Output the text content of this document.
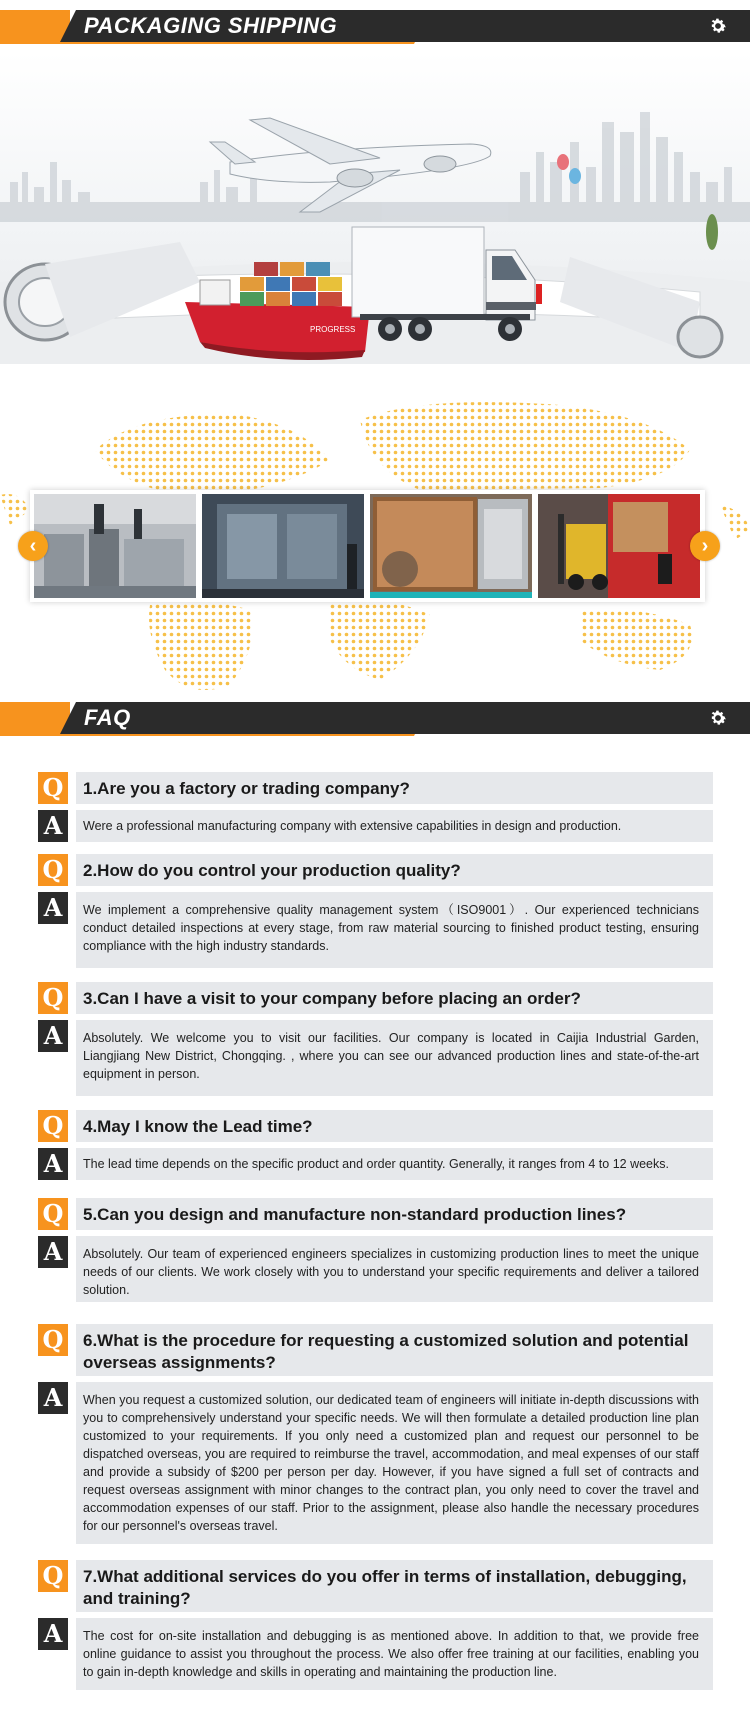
PACKAGING SHIPPING
PROGRESS
‹	›
FAQ
Q	1.Are you a factory or trading company?
A	Were a professional manufacturing company with extensive capabilities in design and production.
Q	2.How do you control your production quality?
A	We implement a comprehensive quality management system（ISO9001）. Our experienced technicians conduct detailed inspections at every stage, from raw material sourcing to finished product testing, ensuring compliance with the high industry standards.
Q	3.Can I have a visit to your company before placing an order?
A	Absolutely. We welcome you to visit our facilities. Our company is located in Caijia Industrial Garden, Liangjiang New District, Chongqing. , where you can see our advanced production lines and state-of-the-art equipment in person.
Q	4.May I know the Lead time?
A	The lead time depends on the specific product and order quantity. Generally, it ranges from 4 to 12 weeks.
Q	5.Can you design and manufacture non-standard production lines?
A	Absolutely. Our team of experienced engineers specializes in customizing production lines to meet the unique needs of our clients. We work closely with you to understand your specific requirements and deliver a tailored solution.
Q	6.What is the procedure for requesting a customized solution and potential overseas assignments?
A	When you request a customized solution, our dedicated team of engineers will initiate in-depth discussions with you to comprehensively understand your specific needs. We will then formulate a detailed production line plan customized to your requirements. If you only need a customized plan and request our personnel to be dispatched overseas, you are required to reimburse the travel, accommodation, and meal expenses of our staff and provide a subsidy of $200 per person per day. However, if you have signed a full set of contracts and request overseas assignment with minor changes to the contract plan, you only need to cover the travel and accommodation expenses of our staff. Prior to the assignment, please also handle the necessary procedures for our personnel's overseas travel.
Q	7.What additional services do you offer in terms of installation, debugging, and training?
A	The cost for on-site installation and debugging is as mentioned above. In addition to that, we provide free online guidance to assist you throughout the process. We also offer free training at our facilities, enabling you to gain in-depth knowledge and skills in operating and maintaining the production line.
